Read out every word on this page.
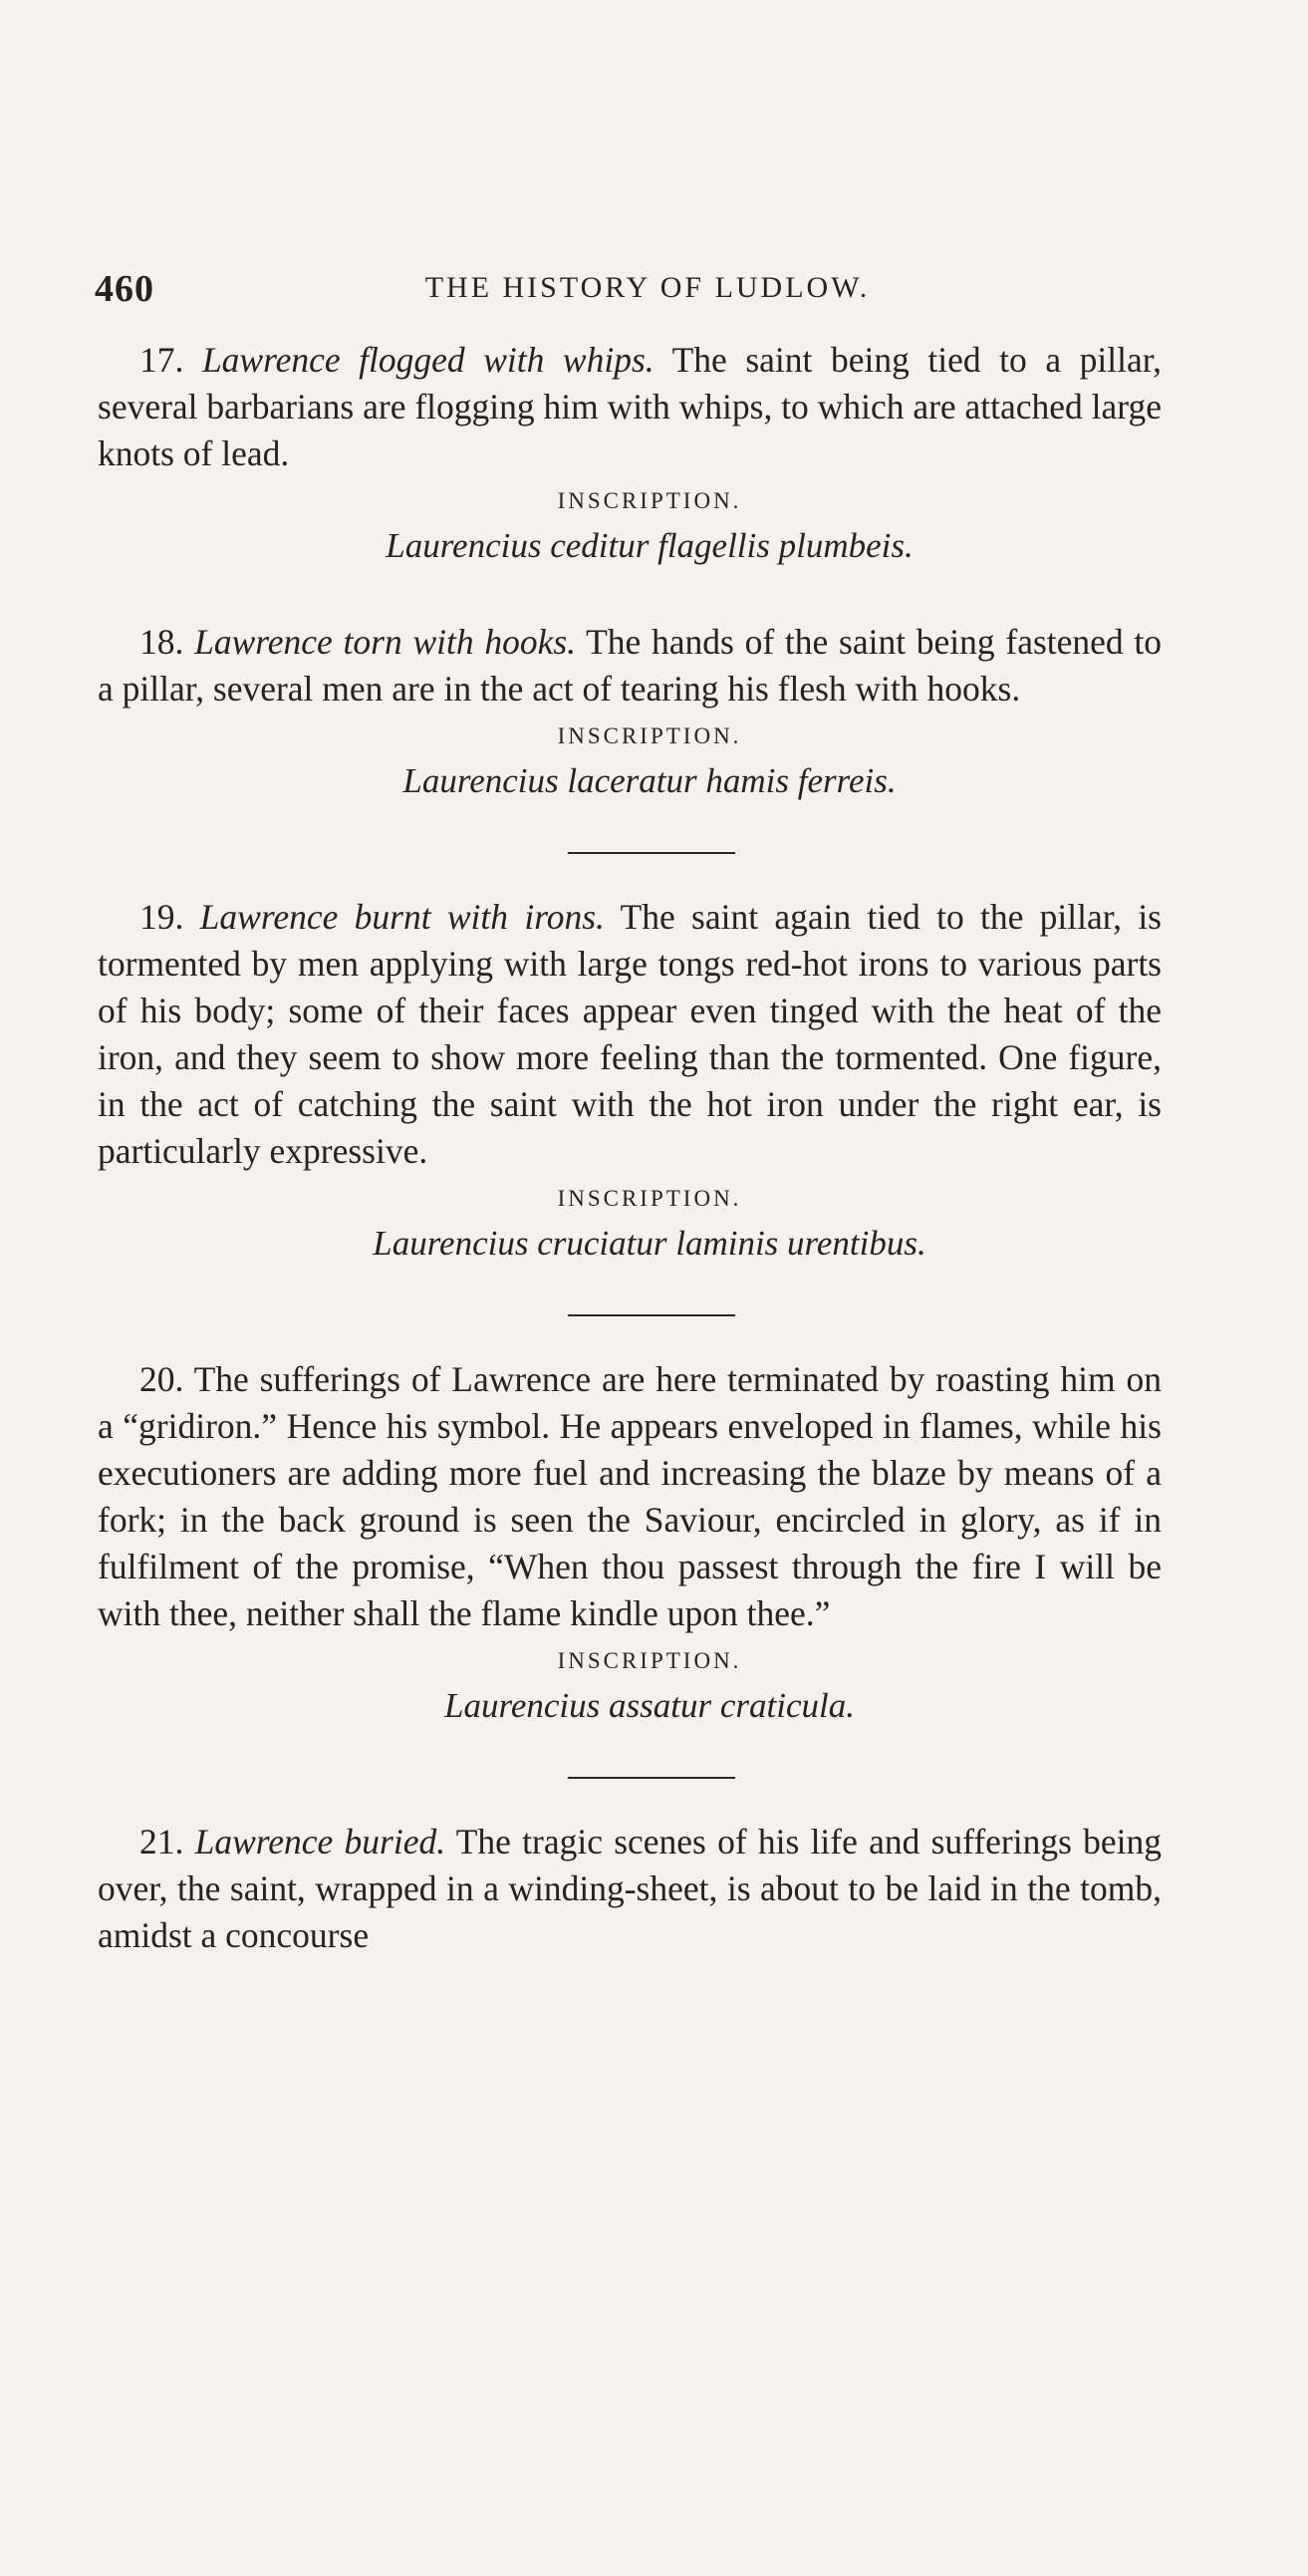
460	THE HISTORY OF LUDLOW.

17. Lawrence flogged with whips. The saint being tied to a pillar, several barbarians are flogging him with whips, to which are attached large knots of lead.

INSCRIPTION.
Laurencius ceditur flagellis plumbeis.

18. Lawrence torn with hooks. The hands of the saint being fastened to a pillar, several men are in the act of tearing his flesh with hooks.

INSCRIPTION.
Laurencius laceratur hamis ferreis.

19. Lawrence burnt with irons. The saint again tied to the pillar, is tormented by men applying with large tongs red-hot irons to various parts of his body; some of their faces appear even tinged with the heat of the iron, and they seem to show more feeling than the tormented. One figure, in the act of catching the saint with the hot iron under the right ear, is particularly expressive.

INSCRIPTION.
Laurencius cruciatur laminis urentibus.

20. The sufferings of Lawrence are here terminated by roasting him on a “gridiron.” Hence his symbol. He appears enveloped in flames, while his executioners are adding more fuel and increasing the blaze by means of a fork; in the back ground is seen the Saviour, encircled in glory, as if in fulfilment of the promise, “When thou passest through the fire I will be with thee, neither shall the flame kindle upon thee.”

INSCRIPTION.
Laurencius assatur craticula.

21. Lawrence buried. The tragic scenes of his life and sufferings being over, the saint, wrapped in a winding-sheet, is about to be laid in the tomb, amidst a concourse
